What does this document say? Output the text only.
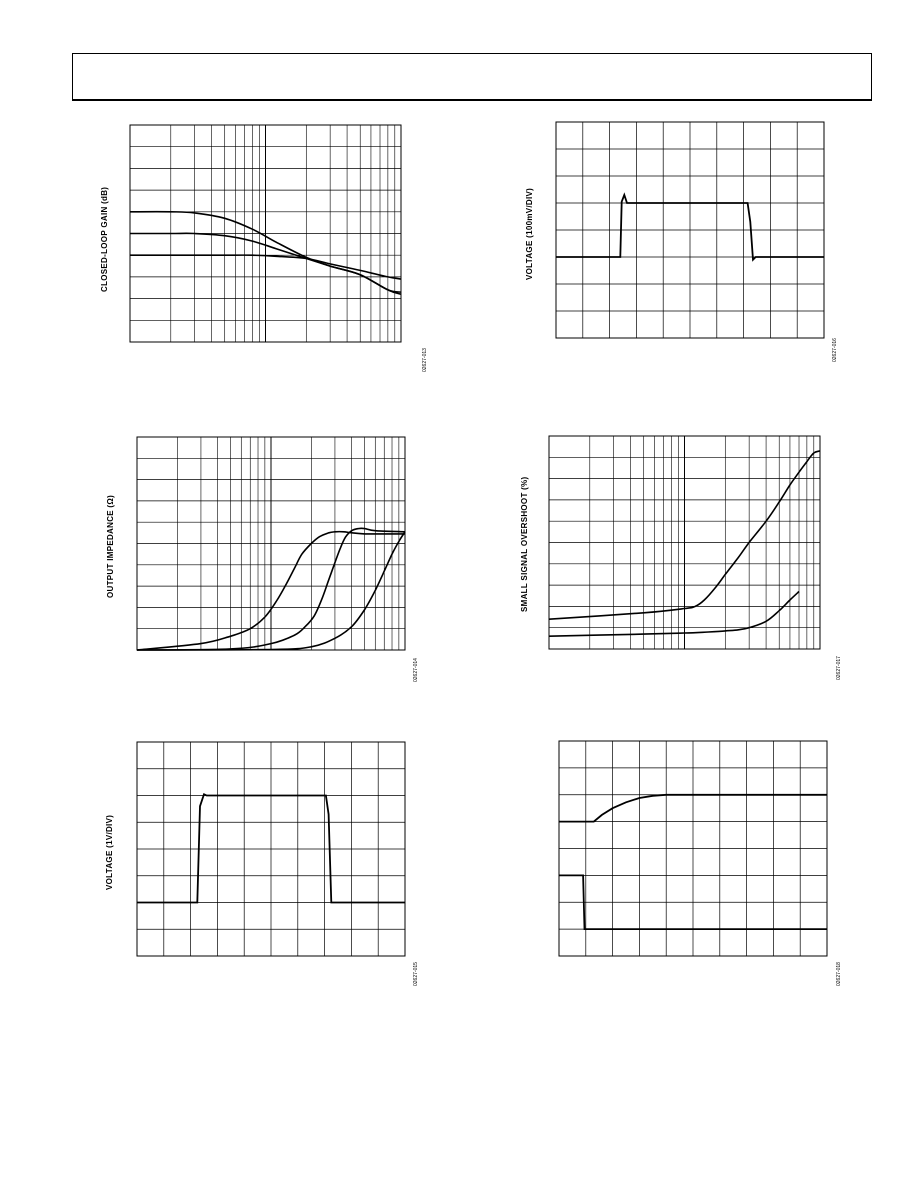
CLOSED-LOOP GAIN (dB)
02627-013
VOLTAGE (100mV/DIV)
02627-016
OUTPUT IMPEDANCE (Ω)
02627-014
SMALL SIGNAL OVERSHOOT (%)
02627-017
VOLTAGE (1V/DIV)
02627-015	02627-018
